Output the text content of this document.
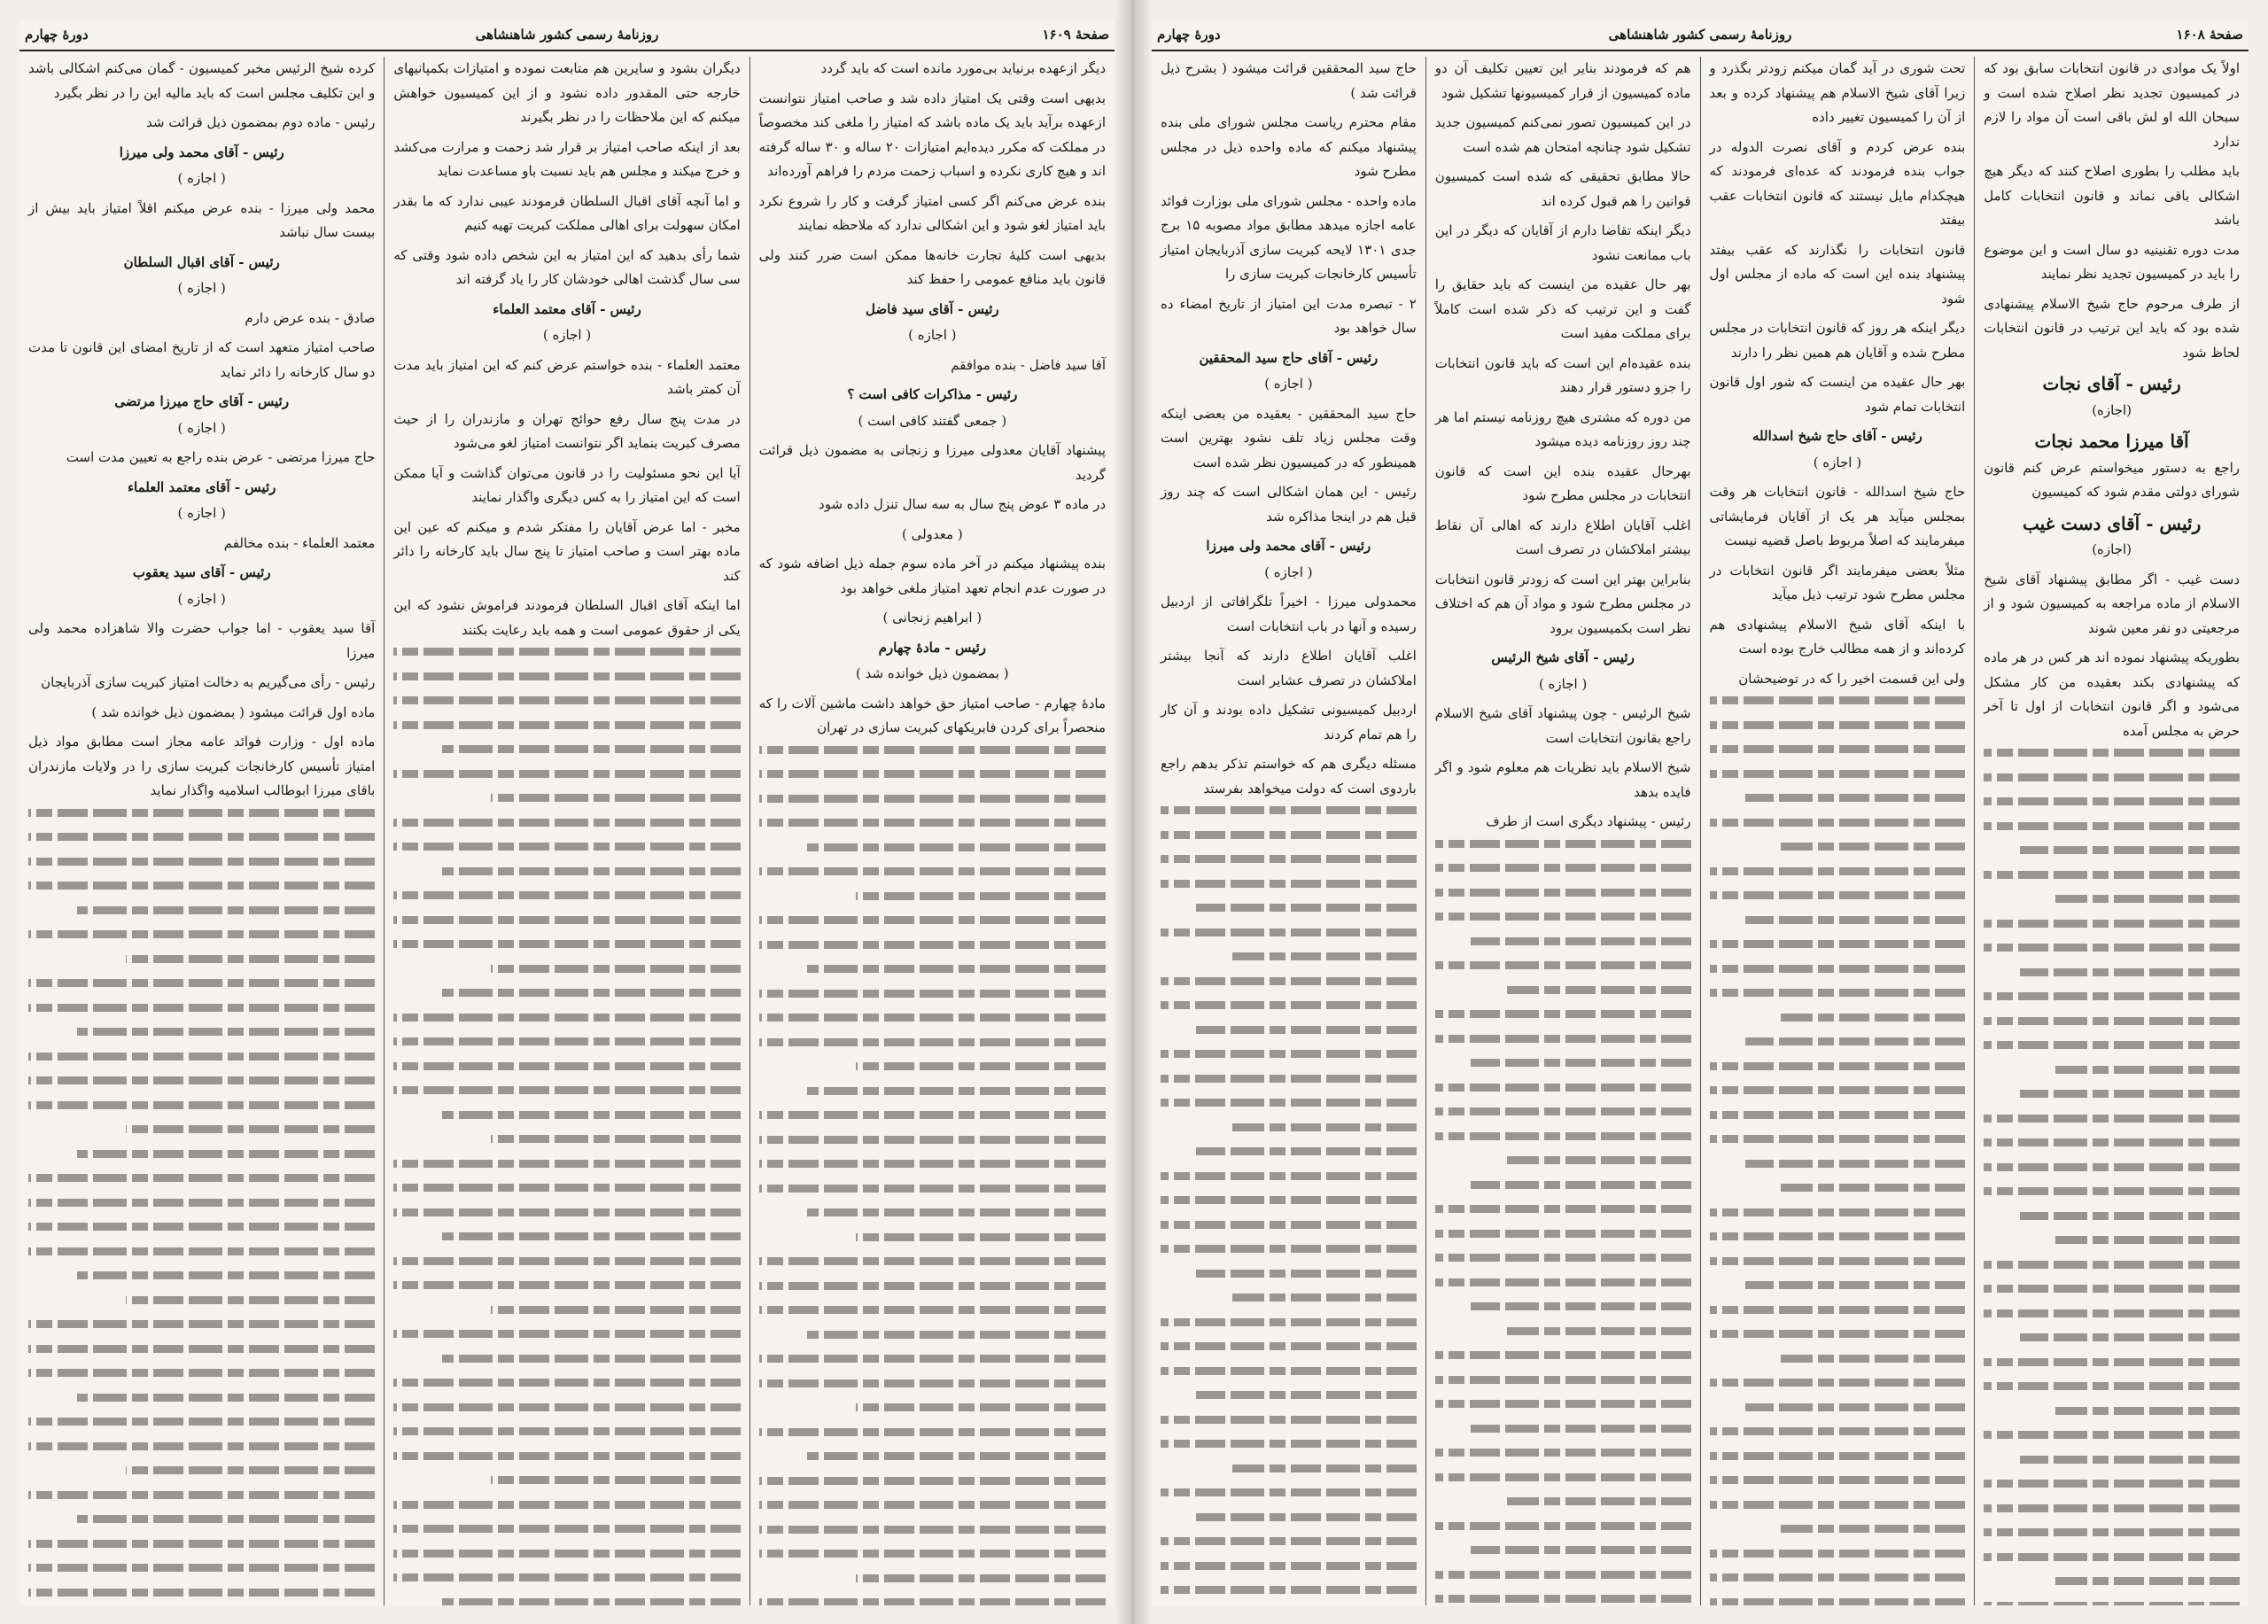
صفحهٔ ۱۶۰۹
روزنامهٔ رسمی کشور شاهنشاهی
دورهٔ چهارم

دیگر ازعهده برنیاید بی‌مورد مانده است که باید گردد

بدیهی است وقتی یک امتیاز داده شد و صاحب امتیاز نتوانست ازعهده برآید باید یک ماده باشد که امتیاز را ملغی کند مخصوصاً در مملکت که مکرر دیده‌ایم امتیازات ۲۰ ساله و ۳۰ ساله گرفته اند و هیچ کاری نکرده و اسباب زحمت مردم را فراهم آورده‌اند

بنده عرض می‌کنم اگر کسی امتیاز گرفت و کار را شروع نکرد باید امتیاز لغو شود و این اشکالی ندارد که ملاحظه نمایند

بدیهی است کلیهٔ تجارت خانه‌ها ممکن است ضرر کنند ولی قانون باید منافع عمومی را حفظ کند

رئیس - آقای سید فاضل
( اجازه )

آقا سید فاضل - بنده موافقم

رئیس - مذاکرات کافی است ؟
( جمعی گفتند کافی است )

پیشنهاد آقایان معدولی میرزا و زنجانی به مضمون ذیل قرائت گردید

در ماده ۳ عوض پنج سال به سه سال تنزل داده شود

( معدولی )

بنده پیشنهاد میکنم در آخر ماده سوم جمله ذیل اضافه شود که در صورت عدم انجام تعهد امتیاز ملغی خواهد بود

( ابراهیم زنجانی )
رئیس - مادهٔ چهارم
( بمضمون ذیل خوانده شد )

مادهٔ چهارم - صاحب امتیاز حق خواهد داشت ماشین آلات را که منحصراً برای کردن فابریکهای کبریت سازی در تهران

دیگران بشود و سایرین هم متابعت نموده و امتیازات بکمپانیهای خارجه حتی المقدور داده نشود و از این کمیسیون خواهش میکنم که این ملاحظات را در نظر بگیرند

بعد از اینکه صاحب امتیاز بر قرار شد زحمت و مرارت می‌کشد و خرج میکند و مجلس هم باید نسبت باو مساعدت نماید

و اما آنچه آقای اقبال السلطان فرمودند عیبی ندارد که ما بقدر امکان سهولت برای اهالی مملکت کبریت تهیه کنیم

شما رأی بدهید که این امتیاز به این شخص داده شود وقتی که سی سال گذشت اهالی خودشان کار را یاد گرفته اند

رئیس - آقای معتمد العلماء
( اجازه )

معتمد العلماء - بنده خواستم عرض کنم که این امتیاز باید مدت آن کمتر باشد

در مدت پنج سال رفع حوائج تهران و مازندران را از حیث مصرف کبریت بنماید اگر نتوانست امتیاز لغو می‌شود

آیا این نحو مسئولیت را در قانون می‌توان گذاشت و آیا ممکن است که این امتیاز را به کس دیگری واگذار نمایند

مخبر - اما عرض آقایان را مفتکر شدم و میکنم که عین این ماده بهتر است و صاحب امتیاز تا پنج سال باید کارخانه را دائر کند

اما اینکه آقای اقبال السلطان فرمودند فراموش نشود که این یکی از حقوق عمومی است و همه باید رعایت بکنند

کرده شیخ الرئیس مخبر کمیسیون - گمان می‌کنم اشکالی باشد و این تکلیف مجلس است که باید مالیه این را در نظر بگیرد

رئیس - ماده دوم بمضمون ذیل قرائت شد

رئیس - آقای محمد ولی میرزا
( اجازه )

محمد ولی میرزا - بنده عرض میکنم اقلاً امتیاز باید بیش از بیست سال نباشد

رئیس - آقای اقبال السلطان
( اجازه )

صادق - بنده عرض دارم

صاحب امتیاز متعهد است که از تاریخ امضای این قانون تا مدت دو سال کارخانه را دائر نماید

رئیس - آقای حاج میرزا مرتضی
( اجازه )

حاج میرزا مرتضی - عرض بنده راجع به تعیین مدت است

رئیس - آقای معتمد العلماء
( اجازه )

معتمد العلماء - بنده مخالفم

رئیس - آقای سید یعقوب
( اجازه )

آقا سید یعقوب - اما جواب حضرت والا شاهزاده محمد ولی میرزا

رئیس - رأی می‌گیریم به دخالت امتیاز کبریت سازی آذربایجان

ماده اول قرائت میشود ( بمضمون ذیل خوانده شد )

ماده اول - وزارت فوائد عامه مجاز است مطابق مواد ذیل امتیاز تأسیس کارخانجات کبریت سازی را در ولایات مازندران باقای میرزا ابوطالب اسلامیه واگذار نماید

صفحهٔ ۱۶۰۸
روزنامهٔ رسمی کشور شاهنشاهی
دورهٔ چهارم

اولاً یک موادی در قانون انتخابات سابق بود که در کمیسیون تجدید نظر اصلاح شده است و سبحان الله او لش باقی است آن مواد را لازم ندارد

باید مطلب را بطوری اصلاح کنند که دیگر هیچ اشکالی باقی نماند و قانون انتخابات کامل باشد

مدت دوره تقنینیه دو سال است و این موضوع را باید در کمیسیون تجدید نظر نمایند

از طرف مرحوم حاج شیخ الاسلام پیشنهادی شده بود که باید این ترتیب در قانون انتخابات لحاظ شود

رئیس - آقای نجات
(اجازه)
آقا میرزا محمد نجات

راجع به دستور میخواستم عرض کنم قانون شورای دولتی مقدم شود که کمیسیون

رئیس - آقای دست غیب
(اجازه)

دست غیب - اگر مطابق پیشنهاد آقای شیخ الاسلام از ماده مراجعه به کمیسیون شود و از مرجعیتی دو نفر معین شوند

بطوریکه پیشنهاد نموده اند هر کس در هر ماده که پیشنهادی بکند بعقیده من کار مشکل می‌شود و اگر قانون انتخابات از اول تا آخر حرض به مجلس آمده

تحت شوری در آید گمان میکنم زودتر بگذرد و زیرا آقای شیخ الاسلام هم پیشنهاد کرده و بعد از آن را کمیسیون تغییر داده

بنده عرض کردم و آقای نصرت الدوله در جواب بنده فرمودند که عده‌ای فرمودند که هیچکدام مایل نیستند که قانون انتخابات عقب بیفتد

قانون انتخابات را نگذارند که عقب بیفتد پیشنهاد بنده این است که ماده از مجلس اول شود

دیگر اینکه هر روز که قانون انتخابات در مجلس مطرح شده و آقایان هم همین نظر را دارند

بهر حال عقیده من اینست که شور اول قانون انتخابات تمام شود

رئیس - آقای حاج شیخ اسدالله
( اجازه )

حاج شیخ اسدالله - قانون انتخابات هر وقت بمجلس میآید هر یک از آقایان فرمایشاتی میفرمایند که اصلاً مربوط باصل قضیه نیست

مثلاً بعضی میفرمایند اگر قانون انتخابات در مجلس مطرح شود ترتیب ذیل میآید

با اینکه آقای شیخ الاسلام پیشنهادی هم کرده‌اند و از همه مطالب خارج بوده است

ولی این قسمت اخیر را که در توضیحشان

هم که فرمودند بنایر این تعیین تکلیف آن دو ماده کمیسیون از قرار کمیسیونها تشکیل شود

در این کمیسیون تصور نمی‌کنم کمیسیون جدید تشکیل شود چنانچه امتحان هم شده است

حالا مطابق تحقیقی که شده است کمیسیون قوانین را هم قبول کرده اند

دیگر اینکه تقاضا دارم از آقایان که دیگر در این باب ممانعت نشود

بهر حال عقیده من اینست که باید حقایق را گفت و این ترتیب که ذکر شده است کاملاً برای مملکت مفید است

بنده عقیده‌ام این است که باید قانون انتخابات را جزو دستور قرار دهند

من دوره که مشتری هیچ روزنامه نیستم اما هر چند روز روزنامه دیده میشود

بهرحال عقیده بنده این است که قانون انتخابات در مجلس مطرح شود

اغلب آقایان اطلاع دارند که اهالی آن نقاط بیشتر املاکشان در تصرف است

بنابراین بهتر این است که زودتر قانون انتخابات در مجلس مطرح شود و مواد آن هم که اختلاف نظر است بکمیسیون برود

رئیس - آقای شیخ الرئیس
( اجازه )

شیخ الرئیس - چون پیشنهاد آقای شیخ الاسلام راجع بقانون انتخابات است

شیخ الاسلام باید نظریات هم معلوم شود و اگر فایده بدهد

رئیس - پیشنهاد دیگری است از طرف

حاج سید المحققین قرائت میشود ( بشرح ذیل قرائت شد )

مقام محترم ریاست مجلس شورای ملی بنده پیشنهاد میکنم که ماده واحده ذیل در مجلس مطرح شود

ماده واحده - مجلس شورای ملی بوزارت فوائد عامه اجازه میدهد مطابق مواد مصوبه ۱۵ برج جدی ۱۳۰۱ لایحه کبریت سازی آذربایجان امتیاز تأسیس کارخانجات کبریت سازی را

۲ - تبصره مدت این امتیاز از تاریخ امضاء ده سال خواهد بود

رئیس - آقای حاج سید المحققین
( اجازه )

حاج سید المحققین - بعقیده من بعضی اینکه وقت مجلس زیاد تلف نشود بهترین است همینطور که در کمیسیون نظر شده است

رئیس - این همان اشکالی است که چند روز قبل هم در اینجا مذاکره شد

رئیس - آقای محمد ولی میرزا
( اجازه )

محمدولی میرزا - اخیراً تلگرافاتی از اردبیل رسیده و آنها در باب انتخابات است

اغلب آقایان اطلاع دارند که آنجا بیشتر املاکشان در تصرف عشایر است

اردبیل کمیسیونی تشکیل داده بودند و آن کار را هم تمام کردند

مسئله دیگری هم که خواستم تذکر بدهم راجع باردوی است که دولت میخواهد بفرستد
